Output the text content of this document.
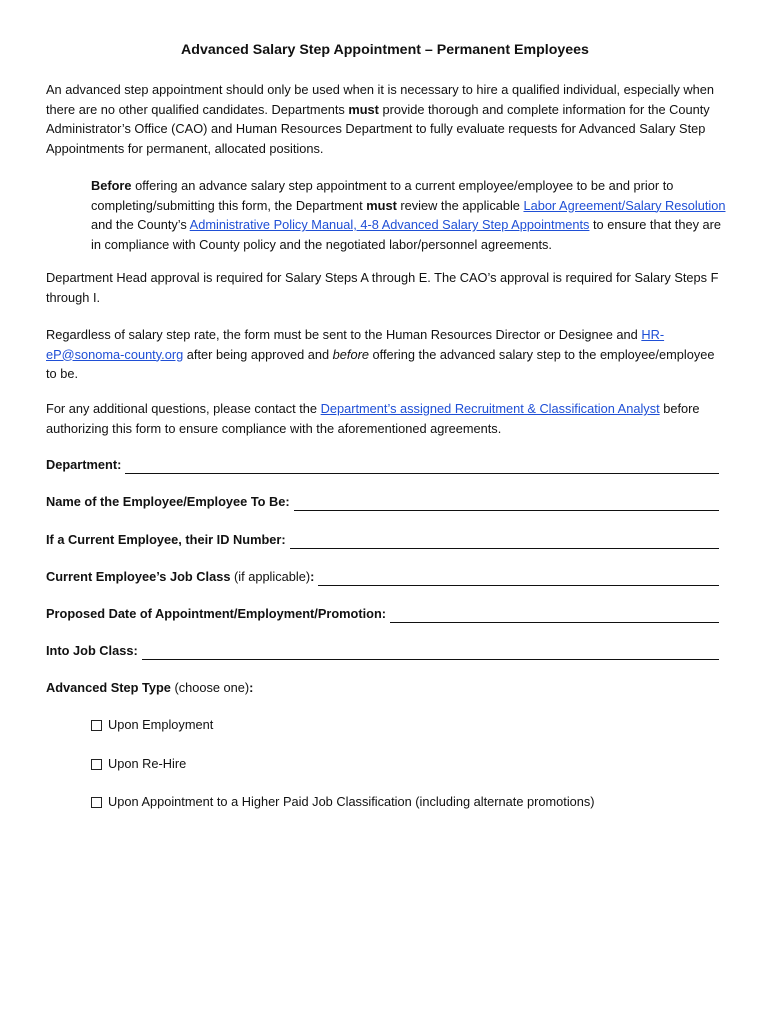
Advanced Salary Step Appointment – Permanent Employees

An advanced step appointment should only be used when it is necessary to hire a qualified individual, especially when there are no other qualified candidates. Departments must provide thorough and complete information for the County Administrator’s Office (CAO) and Human Resources Department to fully evaluate requests for Advanced Salary Step Appointments for permanent, allocated positions.

Before offering an advance salary step appointment to a current employee/employee to be and prior to completing/submitting this form, the Department must review the applicable Labor Agreement/Salary Resolution and the County’s Administrative Policy Manual, 4-8 Advanced Salary Step Appointments to ensure that they are in compliance with County policy and the negotiated labor/personnel agreements.

Department Head approval is required for Salary Steps A through E. The CAO’s approval is required for Salary Steps F through I.

Regardless of salary step rate, the form must be sent to the Human Resources Director or Designee and HR-eP@sonoma-county.org after being approved and before offering the advanced salary step to the employee/employee to be.

For any additional questions, please contact the Department’s assigned Recruitment & Classification Analyst before authorizing this form to ensure compliance with the aforementioned agreements.

Department:
Name of the Employee/Employee To Be:
If a Current Employee, their ID Number:
Current Employee’s Job Class (if applicable) :
Proposed Date of Appointment/Employment/Promotion:
Into Job Class:
Advanced Step Type (choose one):
Upon Employment
Upon Re-Hire
Upon Appointment to a Higher Paid Job Classification (including alternate promotions)
